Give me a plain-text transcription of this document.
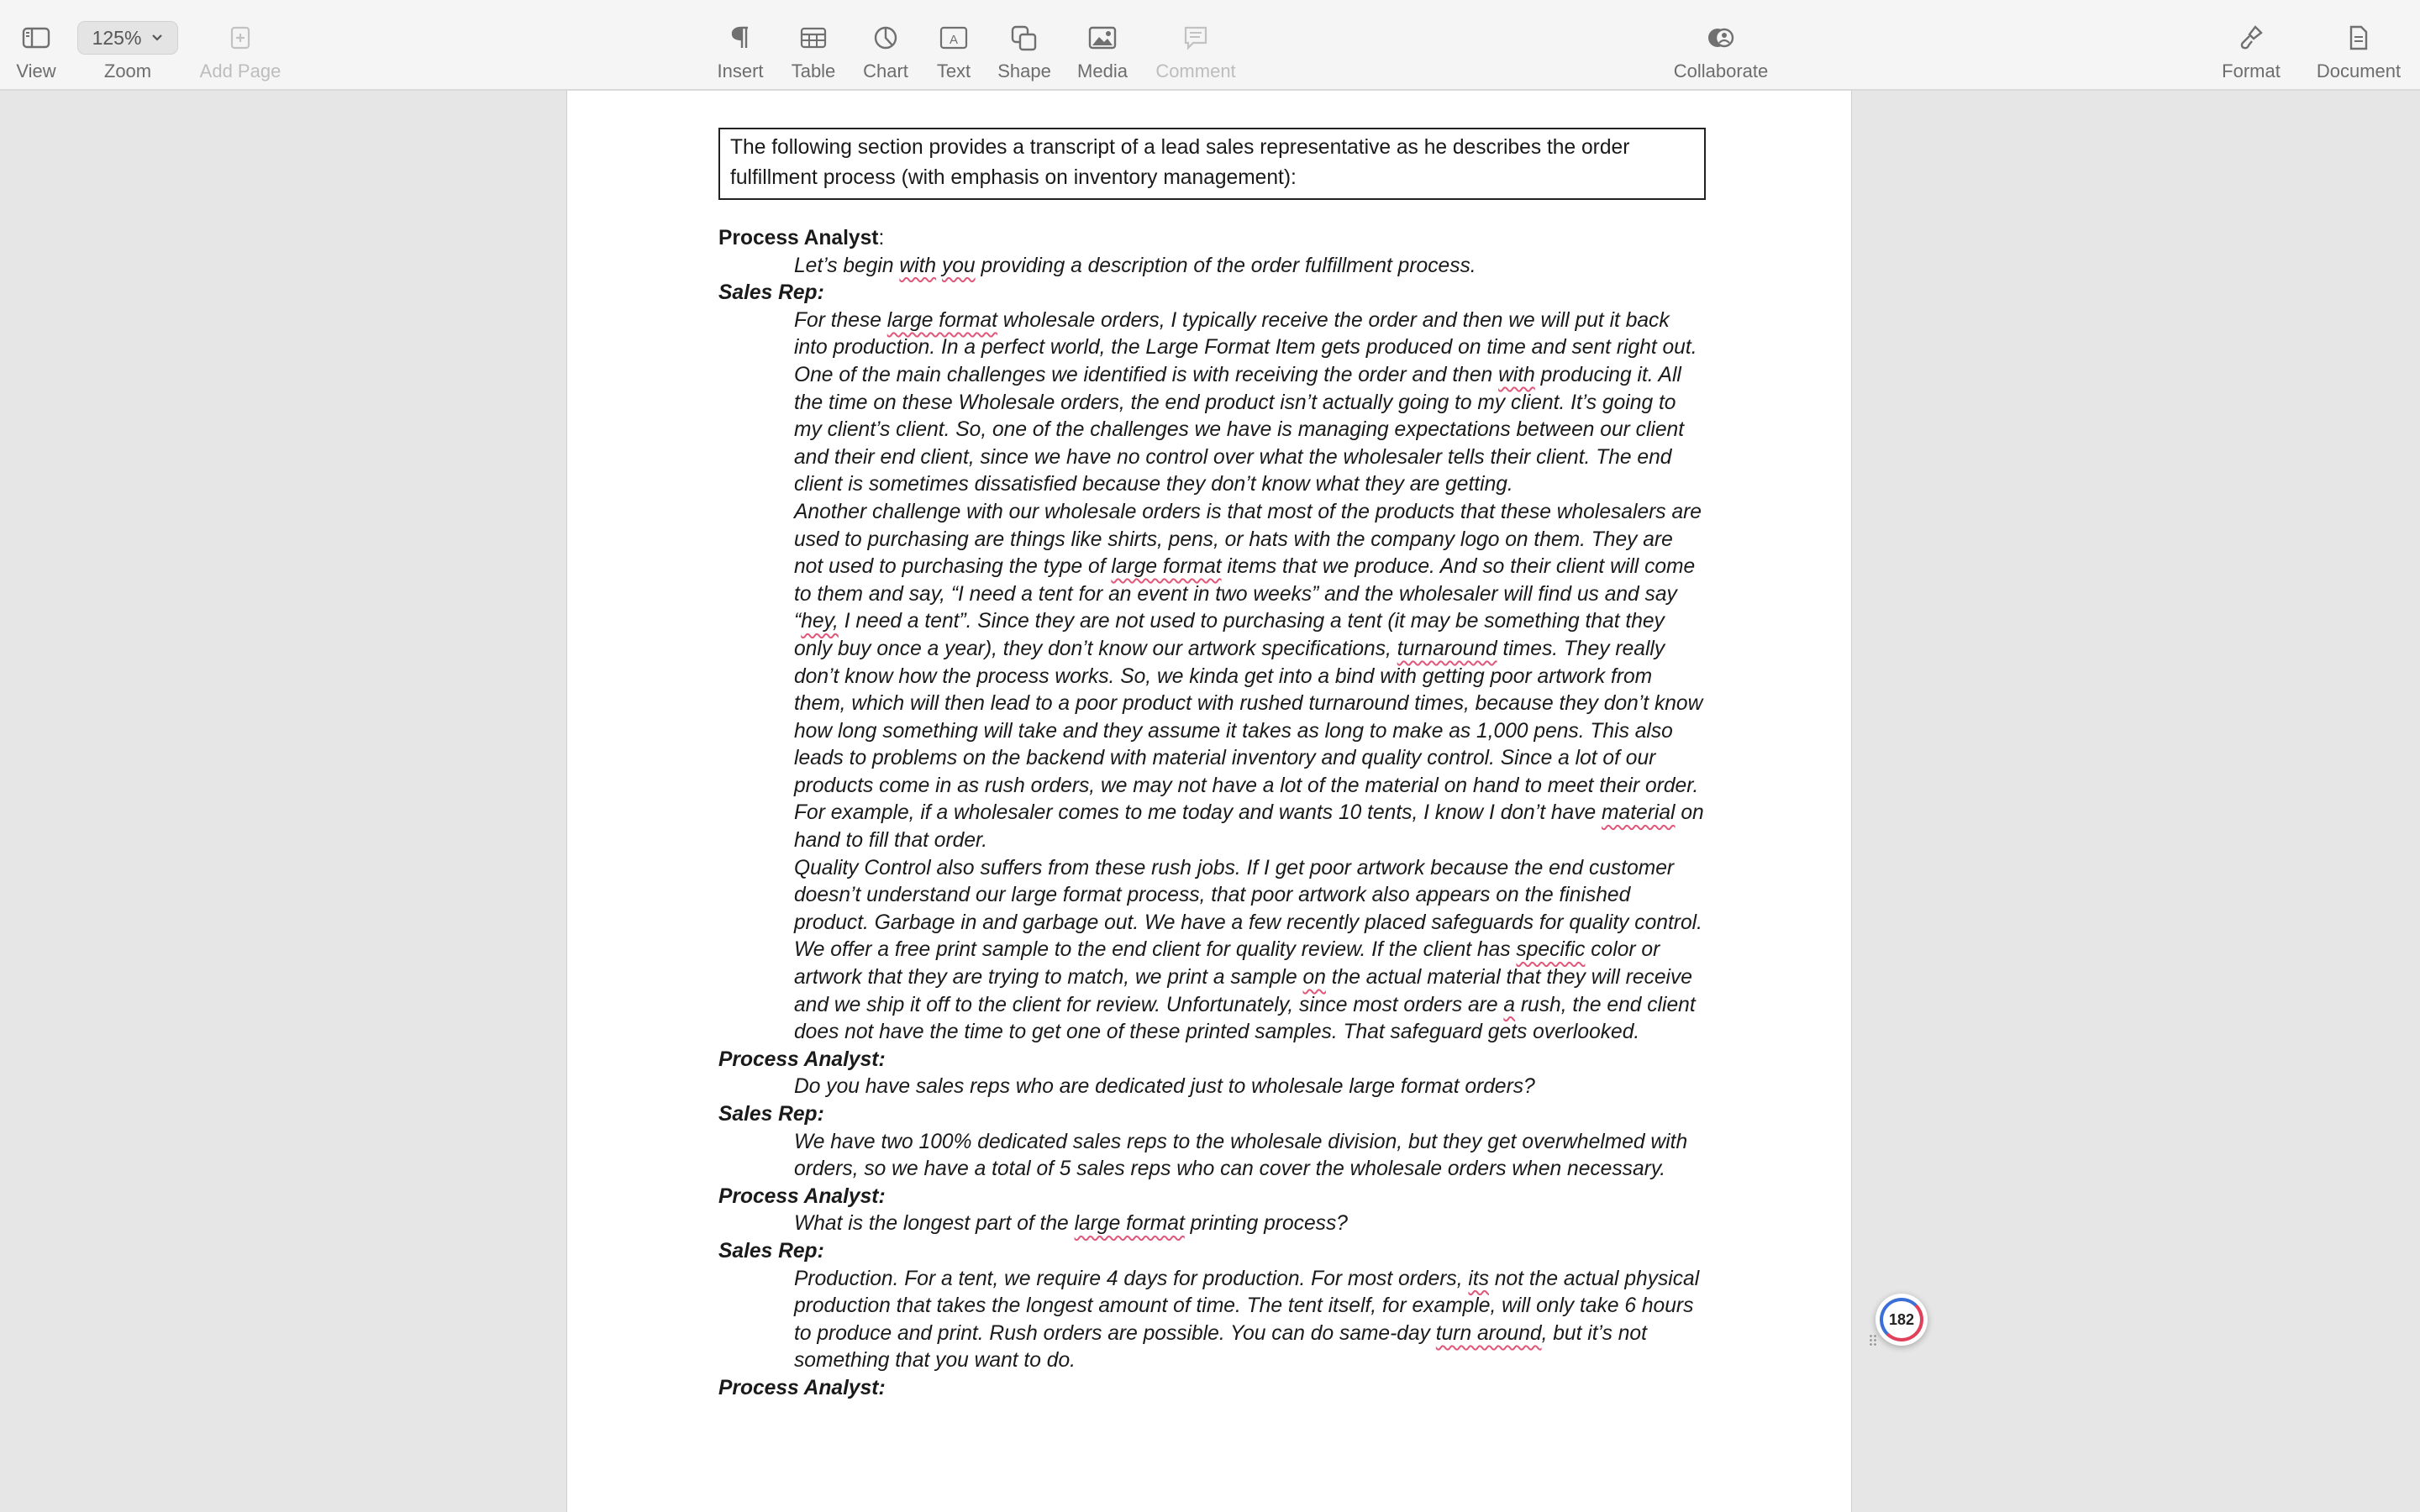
View
125%
Zoom	Add Page	Insert Table Chart
A
Text Shape Media Comment	Collaborate	Format Document
The following section provides a transcript of a lead sales representative as he describes the order fulfillment process (with emphasis on inventory management):
Process Analyst:
Let’s begin with you providing a description of the order fulfillment process.
Sales Rep:
For these large format wholesale orders, I typically receive the order and then we will put it back into production. In a perfect world, the Large Format Item gets produced on time and sent right out. One of the main challenges we identified is with receiving the order and then with producing it. All the time on these Wholesale orders, the end product isn’t actually going to my client. It’s going to my client’s client. So, one of the challenges we have is managing expectations between our client and their end client, since we have no control over what the wholesaler tells their client. The end client is sometimes dissatisfied because they don’t know what they are getting.
Another challenge with our wholesale orders is that most of the products that these wholesalers are used to purchasing are things like shirts, pens, or hats with the company logo on them. They are not used to purchasing the type of large format items that we produce. And so their client will come to them and say, “I need a tent for an event in two weeks” and the wholesaler will find us and say “hey, I need a tent”. Since they are not used to purchasing a tent (it may be something that they only buy once a year), they don’t know our artwork specifications, turnaround times. They really don’t know how the process works. So, we kinda get into a bind with getting poor artwork from them, which will then lead to a poor product with rushed turnaround times, because they don’t know how long something will take and they assume it takes as long to make as 1,000 pens. This also leads to problems on the backend with material inventory and quality control. Since a lot of our products come in as rush orders, we may not have a lot of the material on hand to meet their order. For example, if a wholesaler comes to me today and wants 10 tents, I know I don’t have material on hand to fill that order.
Quality Control also suffers from these rush jobs. If I get poor artwork because the end customer doesn’t understand our large format process, that poor artwork also appears on the finished product. Garbage in and garbage out. We have a few recently placed safeguards for quality control. We offer a free print sample to the end client for quality review. If the client has specific color or artwork that they are trying to match, we print a sample on the actual material that they will receive and we ship it off to the client for review. Unfortunately, since most orders are a rush, the end client does not have the time to get one of these printed samples. That safeguard gets overlooked.
Process Analyst:
Do you have sales reps who are dedicated just to wholesale large format orders?
Sales Rep:
We have two 100% dedicated sales reps to the wholesale division, but they get overwhelmed with orders, so we have a total of 5 sales reps who can cover the wholesale orders when necessary.
Process Analyst:
What is the longest part of the large format printing process?
Sales Rep:
Production. For a tent, we require 4 days for production. For most orders, its not the actual physical production that takes the longest amount of time. The tent itself, for example, will only take 6 hours to produce and print. Rush orders are possible. You can do same-day turn around, but it’s not something that you want to do.
Process Analyst:
182
